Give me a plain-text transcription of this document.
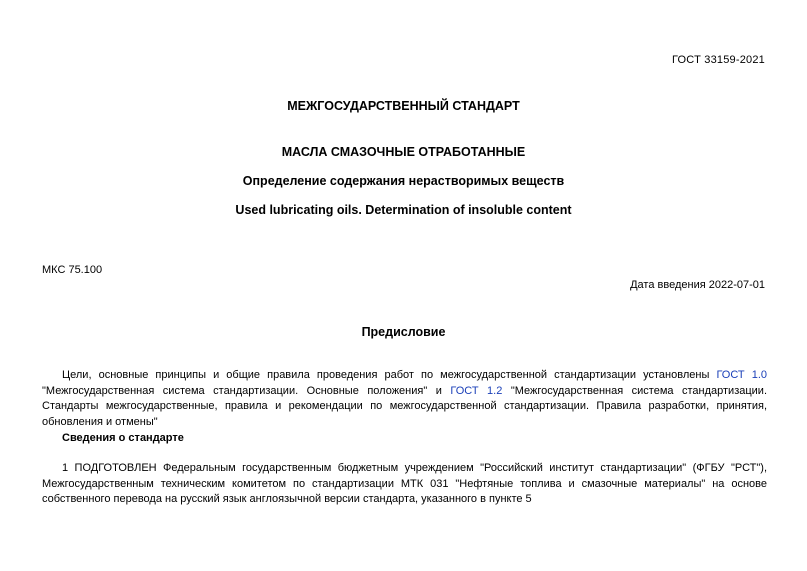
ГОСТ 33159-2021
МЕЖГОСУДАРСТВЕННЫЙ СТАНДАРТ
МАСЛА СМАЗОЧНЫЕ ОТРАБОТАННЫЕ
Определение содержания нерастворимых веществ
Used lubricating oils. Determination of insoluble content
МКС 75.100
Дата введения 2022-07-01
Предисловие
Цели, основные принципы и общие правила проведения работ по межгосударственной стандартизации установлены ГОСТ 1.0 "Межгосударственная система стандартизации. Основные положения" и ГОСТ 1.2 "Межгосударственная система стандартизации. Стандарты межгосударственные, правила и рекомендации по межгосударственной стандартизации. Правила разработки, принятия, обновления и отмены"
Сведения о стандарте
1 ПОДГОТОВЛЕН Федеральным государственным бюджетным учреждением "Российский институт стандартизации" (ФГБУ "РСТ"), Межгосударственным техническим комитетом по стандартизации МТК 031 "Нефтяные топлива и смазочные материалы" на основе собственного перевода на русский язык англоязычной версии стандарта, указанного в пункте 5
